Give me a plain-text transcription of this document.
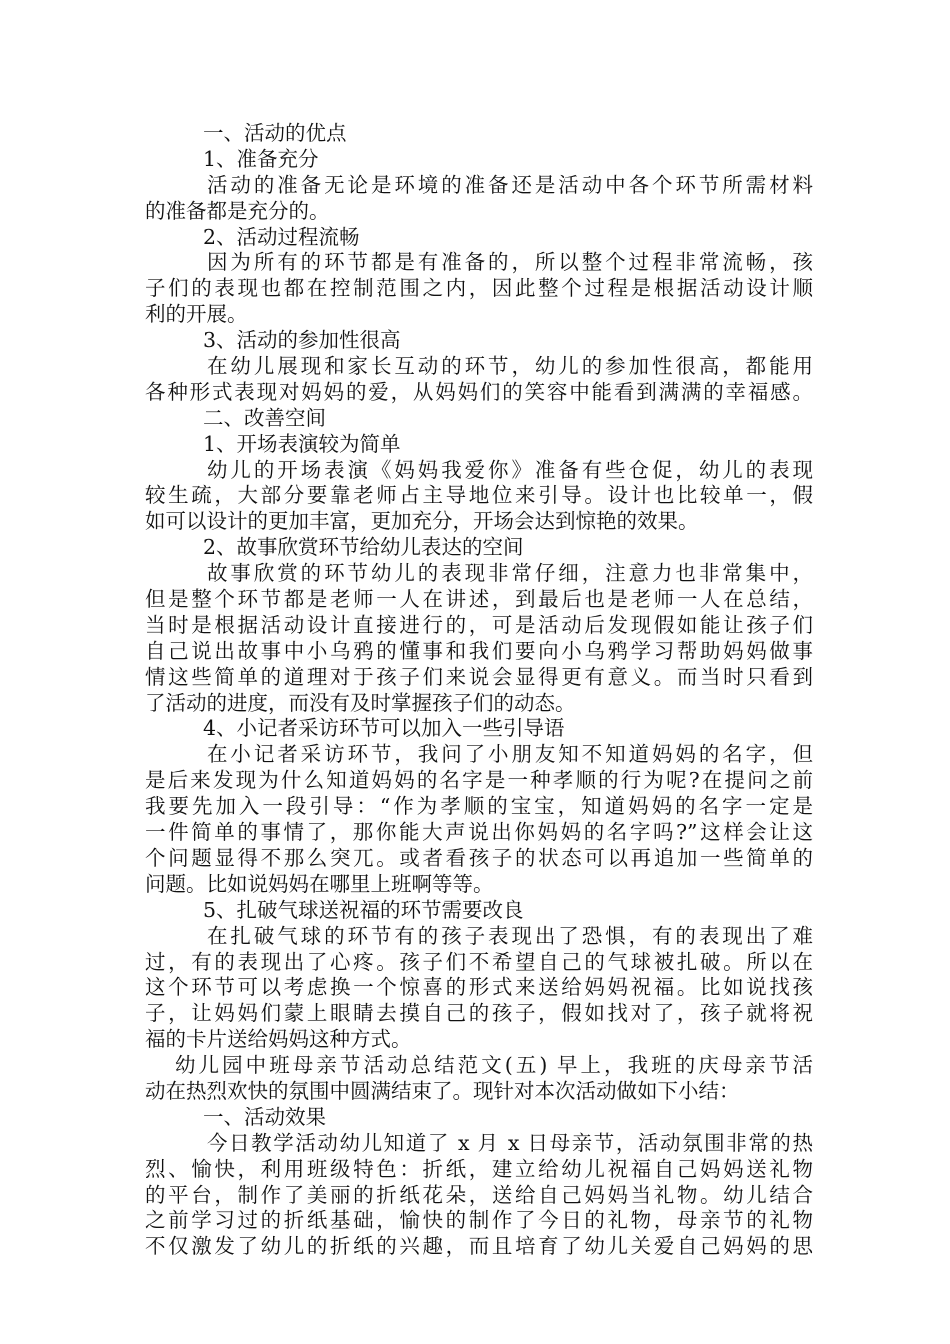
一、活动的优点
1、准备充分
活动的准备无论是环境的准备还是活动中各个环节所需材料
的准备都是充分的。
2、活动过程流畅
因为所有的环节都是有准备的，所以整个过程非常流畅，孩
子们的表现也都在控制范围之内，因此整个过程是根据活动设计顺
利的开展。
3、活动的参加性很高
在幼儿展现和家长互动的环节，幼儿的参加性很高，都能用
各种形式表现对妈妈的爱，从妈妈们的笑容中能看到满满的幸福感。
二、改善空间
1、开场表演较为简单
幼儿的开场表演《妈妈我爱你》准备有些仓促，幼儿的表现
较生疏，大部分要靠老师占主导地位来引导。设计也比较单一，假
如可以设计的更加丰富，更加充分，开场会达到惊艳的效果。
2、故事欣赏环节给幼儿表达的空间
故事欣赏的环节幼儿的表现非常仔细，注意力也非常集中，
但是整个环节都是老师一人在讲述，到最后也是老师一人在总结，
当时是根据活动设计直接进行的，可是活动后发现假如能让孩子们
自己说出故事中小乌鸦的懂事和我们要向小乌鸦学习帮助妈妈做事
情这些简单的道理对于孩子们来说会显得更有意义。而当时只看到
了活动的进度，而没有及时掌握孩子们的动态。
4、小记者采访环节可以加入一些引导语
在小记者采访环节，我问了小朋友知不知道妈妈的名字，但
是后来发现为什么知道妈妈的名字是一种孝顺的行为呢?在提问之前
我要先加入一段引导：“作为孝顺的宝宝，知道妈妈的名字一定是
一件简单的事情了，那你能大声说出你妈妈的名字吗?”这样会让这
个问题显得不那么突兀。或者看孩子的状态可以再追加一些简单的
问题。比如说妈妈在哪里上班啊等等。
5、扎破气球送祝福的环节需要改良
在扎破气球的环节有的孩子表现出了恐惧，有的表现出了难
过，有的表现出了心疼。孩子们不希望自己的气球被扎破。所以在
这个环节可以考虑换一个惊喜的形式来送给妈妈祝福。比如说找孩
子，让妈妈们蒙上眼睛去摸自己的孩子，假如找对了，孩子就将祝
福的卡片送给妈妈这种方式。
幼儿园中班母亲节活动总结范文(五) 早上，我班的庆母亲节活
动在热烈欢快的氛围中圆满结束了。现针对本次活动做如下小结：
一、活动效果
今日教学活动幼儿知道了 x 月 x 日母亲节，活动氛围非常的热
烈、愉快，利用班级特色：折纸，建立给幼儿祝福自己妈妈送礼物
的平台，制作了美丽的折纸花朵，送给自己妈妈当礼物。幼儿结合
之前学习过的折纸基础，愉快的制作了今日的礼物，母亲节的礼物
不仅激发了幼儿的折纸的兴趣，而且培育了幼儿关爱自己妈妈的思
